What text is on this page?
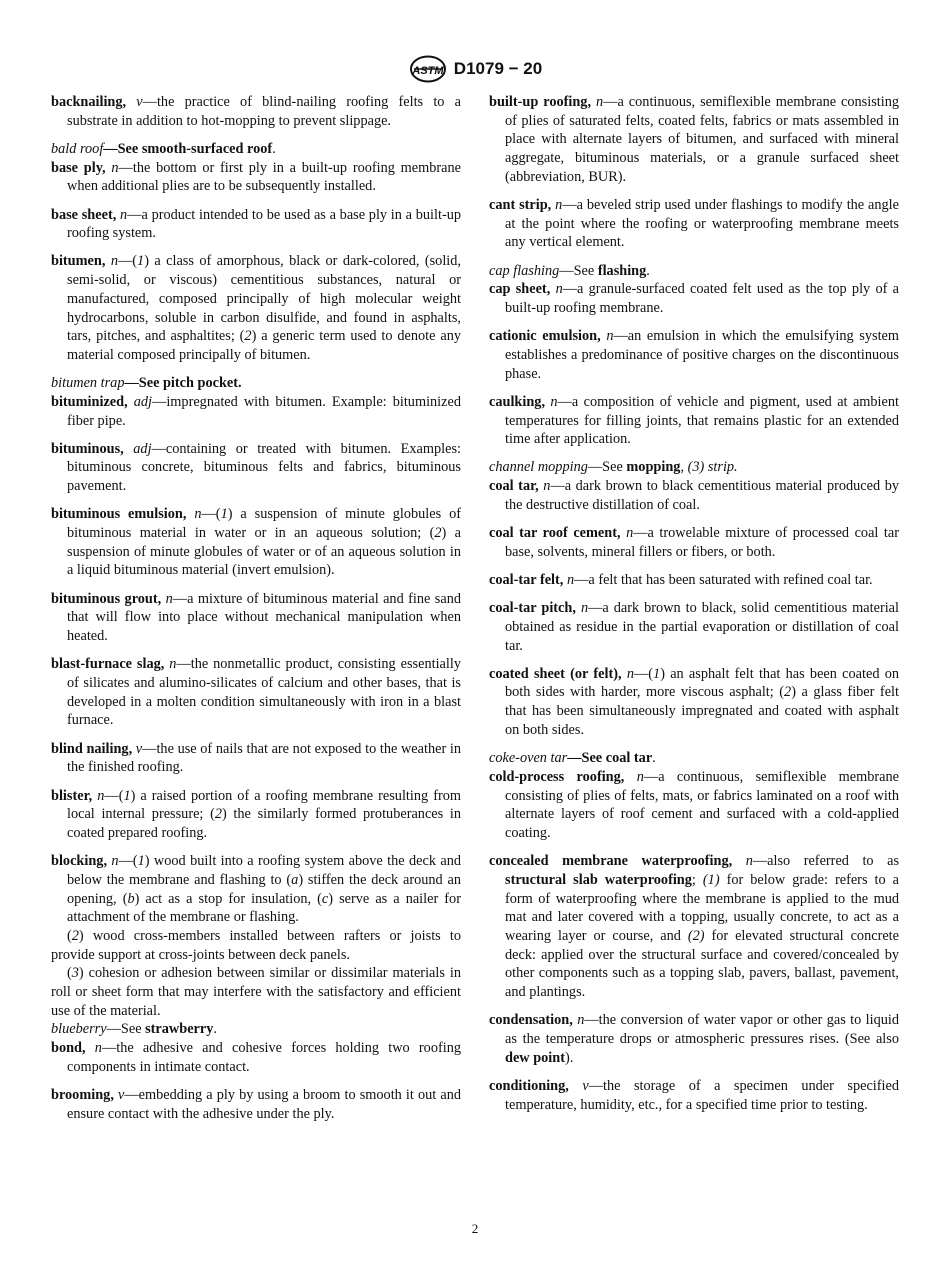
ASTM D1079 − 20

backnailing, v—the practice of blind-nailing roofing felts to a substrate in addition to hot-mopping to prevent slippage.

bald roof—See smooth-surfaced roof.

base ply, n—the bottom or first ply in a built-up roofing membrane when additional plies are to be subsequently installed.

base sheet, n—a product intended to be used as a base ply in a built-up roofing system.

bitumen, n—(1) a class of amorphous, black or dark-colored, (solid, semi-solid, or viscous) cementitious substances, natural or manufactured, composed principally of high molecular weight hydrocarbons, soluble in carbon disulfide, and found in asphalts, tars, pitches, and asphaltites; (2) a generic term used to denote any material composed principally of bitumen.

bitumen trap—See pitch pocket.

bituminized, adj—impregnated with bitumen. Example: bituminized fiber pipe.

bituminous, adj—containing or treated with bitumen. Examples: bituminous concrete, bituminous felts and fabrics, bituminous pavement.

bituminous emulsion, n—(1) a suspension of minute globules of bituminous material in water or in an aqueous solution; (2) a suspension of minute globules of water or of an aqueous solution in a liquid bituminous material (invert emulsion).

bituminous grout, n—a mixture of bituminous material and fine sand that will flow into place without mechanical manipulation when heated.

blast-furnace slag, n—the nonmetallic product, consisting essentially of silicates and alumino-silicates of calcium and other bases, that is developed in a molten condition simultaneously with iron in a blast furnace.

blind nailing, v—the use of nails that are not exposed to the weather in the finished roofing.

blister, n—(1) a raised portion of a roofing membrane resulting from local internal pressure; (2) the similarly formed protuberances in coated prepared roofing.

blocking, n—(1) wood built into a roofing system above the deck and below the membrane and flashing to (a) stiffen the deck around an opening, (b) act as a stop for insulation, (c) serve as a nailer for attachment of the membrane or flashing.

(2) wood cross-members installed between rafters or joists to provide support at cross-joints between deck panels.

(3) cohesion or adhesion between similar or dissimilar materials in roll or sheet form that may interfere with the satisfactory and efficient use of the material.

blueberry—See strawberry.

bond, n—the adhesive and cohesive forces holding two roofing components in intimate contact.

brooming, v—embedding a ply by using a broom to smooth it out and ensure contact with the adhesive under the ply.

built-up roofing, n—a continuous, semiflexible membrane consisting of plies of saturated felts, coated felts, fabrics or mats assembled in place with alternate layers of bitumen, and surfaced with mineral aggregate, bituminous materials, or a granule surfaced sheet (abbreviation, BUR).

cant strip, n—a beveled strip used under flashings to modify the angle at the point where the roofing or waterproofing membrane meets any vertical element.

cap flashing—See flashing.

cap sheet, n—a granule-surfaced coated felt used as the top ply of a built-up roofing membrane.

cationic emulsion, n—an emulsion in which the emulsifying system establishes a predominance of positive charges on the discontinuous phase.

caulking, n—a composition of vehicle and pigment, used at ambient temperatures for filling joints, that remains plastic for an extended time after application.

channel mopping—See mopping, (3) strip.

coal tar, n—a dark brown to black cementitious material produced by the destructive distillation of coal.

coal tar roof cement, n—a trowelable mixture of processed coal tar base, solvents, mineral fillers or fibers, or both.

coal-tar felt, n—a felt that has been saturated with refined coal tar.

coal-tar pitch, n—a dark brown to black, solid cementitious material obtained as residue in the partial evaporation or distillation of coal tar.

coated sheet (or felt), n—(1) an asphalt felt that has been coated on both sides with harder, more viscous asphalt; (2) a glass fiber felt that has been simultaneously impregnated and coated with asphalt on both sides.

coke-oven tar—See coal tar.

cold-process roofing, n—a continuous, semiflexible membrane consisting of plies of felts, mats, or fabrics laminated on a roof with alternate layers of roof cement and surfaced with a cold-applied coating.

concealed membrane waterproofing, n—also referred to as structural slab waterproofing; (1) for below grade: refers to a form of waterproofing where the membrane is applied to the mud mat and later covered with a topping, usually concrete, to act as a wearing layer or course, and (2) for elevated structural concrete deck: applied over the structural surface and covered/concealed by other components such as a topping slab, pavers, ballast, pavement, and plantings.

condensation, n—the conversion of water vapor or other gas to liquid as the temperature drops or atmospheric pressures rises. (See also dew point).

conditioning, v—the storage of a specimen under specified temperature, humidity, etc., for a specified time prior to testing.

2
